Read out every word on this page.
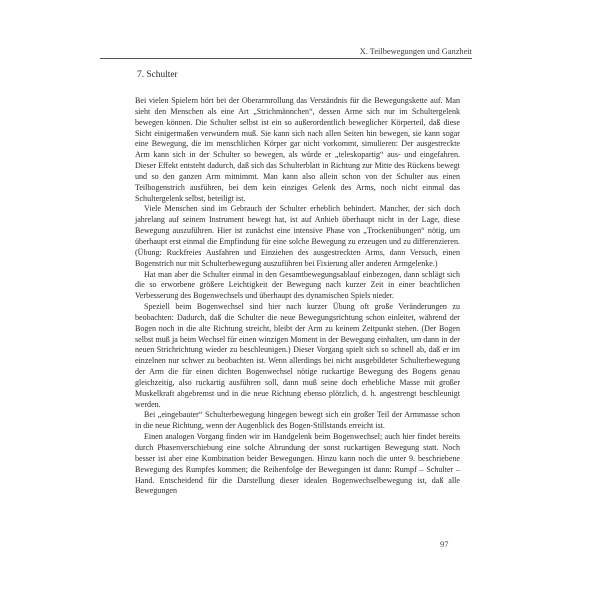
X. Teilbewegungen und Ganzheit
7. Schulter

Bei vielen Spielern hört bei der Oberarmrollung das Verständnis für die Bewegungskette auf. Man sieht den Menschen als eine Art „Strichmännchen“, dessen Arme sich nur im Schultergelenk bewegen können. Die Schulter selbst ist ein so außerordentlich beweglicher Körperteil, daß diese Sicht einigermaßen verwundern muß. Sie kann sich nach allen Seiten hin bewegen, sie kann sogar eine Bewegung, die im menschlichen Körper gar nicht vorkommt, simulieren: Der ausgestreckte Arm kann sich in der Schulter so bewegen, als würde er „teleskopartig“ aus- und eingefahren. Dieser Effekt entsteht dadurch, daß sich das Schulterblatt in Richtung zur Mitte des Rückens bewegt und so den ganzen Arm mitnimmt. Man kann also allein schon von der Schulter aus einen Teilbogenstrich ausführen, bei dem kein einziges Gelenk des Arms, noch nicht einmal das Schultergelenk selbst, beteiligt ist.

Viele Menschen sind im Gebrauch der Schulter erheblich behindert. Mancher, der sich doch jahrelang auf seinem Instrument bewegt hat, ist auf Anhieb überhaupt nicht in der Lage, diese Bewegung auszuführen. Hier ist zunächst eine intensive Phase von „Trockenübungen“ nötig, um überhaupt erst einmal die Empfindung für eine solche Bewegung zu erzeugen und zu differenzieren. (Übung: Ruckfreies Ausfahren und Einziehen des ausgestreckten Arms, dann Versuch, einen Bogenstrich nur mit Schulterbewegung auszuführen bei Fixierung aller anderen Armgelenke.)

Hat man aber die Schulter einmal in den Gesamtbewegungsablauf einbezogen, dann schlägt sich die so erworbene größere Leichtigkeit der Bewegung nach kurzer Zeit in einer beachtlichen Verbesserung des Bogenwechsels und überhaupt des dynamischen Spiels nieder.

Speziell beim Bogenwechsel sind hier nach kurzer Übung oft große Veränderungen zu beobachten: Dadurch, daß die Schulter die neue Bewegungsrichtung schon einleitet, während der Bogen noch in die alte Richtung streicht, bleibt der Arm zu keinem Zeitpunkt stehen. (Der Bogen selbst muß ja beim Wechsel für einen winzigen Moment in der Bewegung einhalten, um dann in der neuen Strichrichtung wieder zu beschleunigen.) Dieser Vorgang spielt sich so schnell ab, daß er im einzelnen nur schwer zu beobachten ist. Wenn allerdings bei nicht ausgebildeter Schulterbewegung der Arm die für einen dichten Bogenwechsel nötige ruckartige Bewegung des Bogens genau gleichzeitig, also ruckartig ausführen soll, dann muß seine doch erhebliche Masse mit großer Muskelkraft abgebremst und in die neue Richtung ebenso plötzlich, d. h. angestrengt beschleunigt werden.

Bei „eingebauter“ Schulterbewegung hingegen bewegt sich ein großer Teil der Armmasse schon in die neue Richtung, wenn der Augenblick des Bogen-Stillstands erreicht ist.

Einen analogen Vorgang finden wir im Handgelenk beim Bogenwechsel; auch hier findet bereits durch Phasenverschiebung eine solche Abrundung der sonst ruckartigen Bewegung statt. Noch besser ist aber eine Kombination beider Bewegungen. Hinzu kann noch die unter 9. beschriebene Bewegung des Rumpfes kommen; die Reihenfolge der Bewegungen ist dann: Rumpf – Schulter – Hand. Entscheidend für die Darstellung dieser idealen Bogenwechselbewegung ist, daß alle Bewegungen

97
